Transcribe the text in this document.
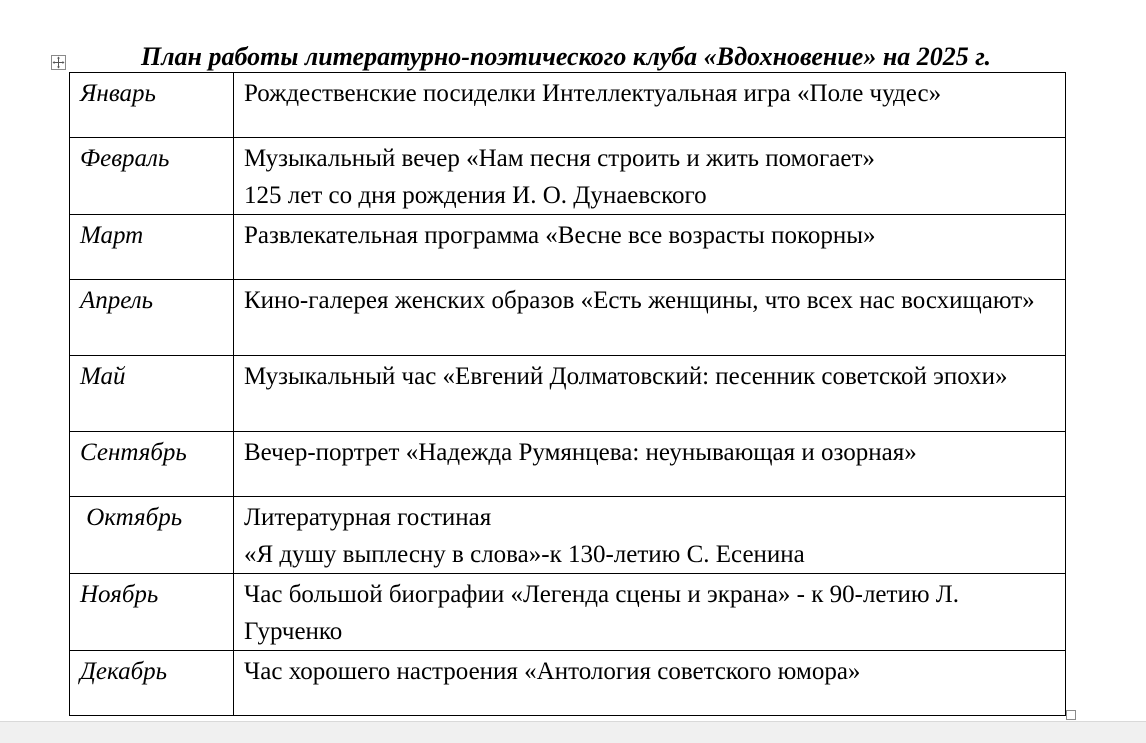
План работы литературно-поэтического клуба «Вдохновение» на 2025 г.

Январь	Рождественские посиделки Интеллектуальная игра «Поле чудес»

Февраль	Музыкальный вечер «Нам песня строить и жить помогает»
125 лет со дня рождения И. О. Дунаевского

Март	Развлекательная программа «Весне все возрасты покорны»

Апрель	Кино-галерея женских образов «Есть женщины, что всех нас восхищают»

Май	Музыкальный час «Евгений Долматовский: песенник советской эпохи»

Сентябрь	Вечер-портрет «Надежда Румянцева: неунывающая и озорная»

Октябрь	Литературная гостиная
«Я душу выплесну в слова»-к 130-летию С. Есенина

Ноябрь	Час большой биографии «Легенда сцены и экрана» - к 90-летию Л. Гурченко

Декабрь	Час хорошего настроения «Антология советского юмора»
